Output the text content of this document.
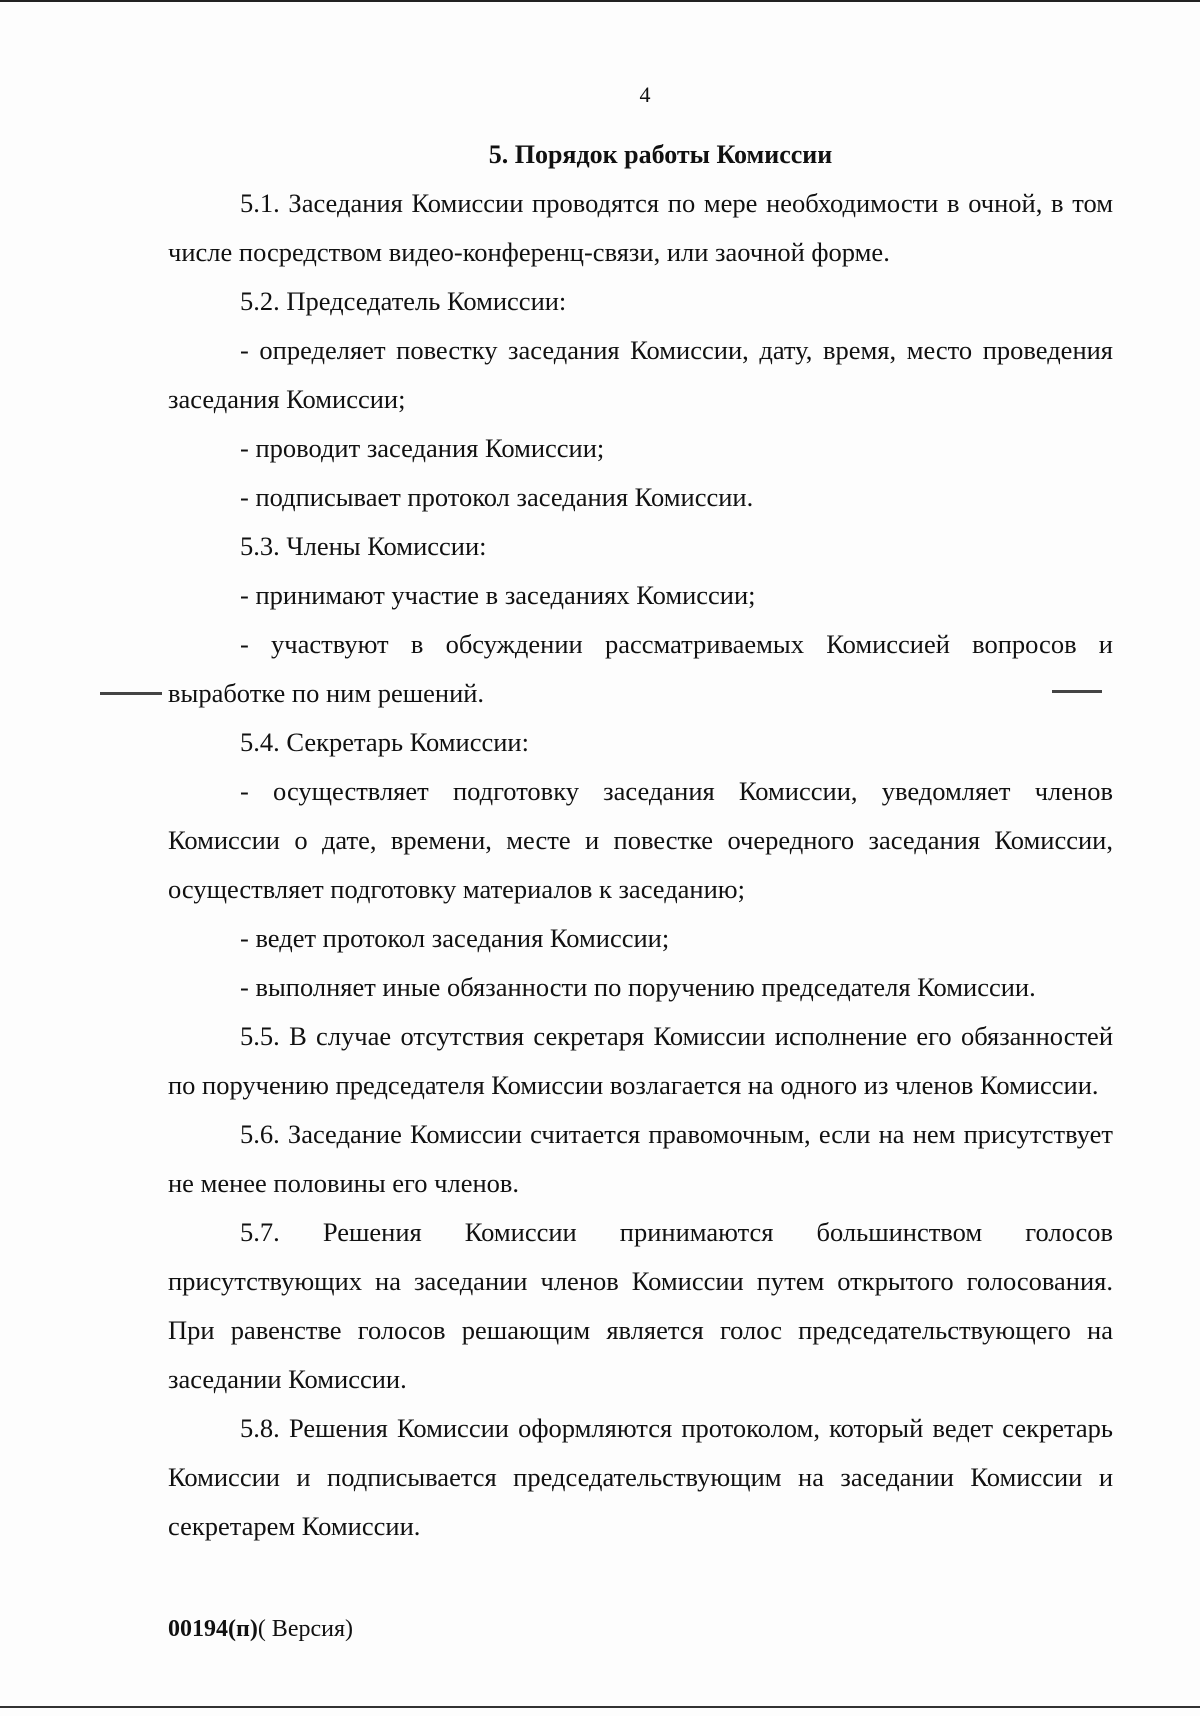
4

5. Порядок работы Комиссии

5.1. Заседания Комиссии проводятся по мере необходимости в очной, в том числе посредством видео-конференц-связи, или заочной форме.

5.2. Председатель Комиссии:

- определяет повестку заседания Комиссии, дату, время, место проведения заседания Комиссии;

- проводит заседания Комиссии;

- подписывает протокол заседания Комиссии.

5.3. Члены Комиссии:

- принимают участие в заседаниях Комиссии;

- участвуют в обсуждении рассматриваемых Комиссией вопросов и выработке по ним решений.

5.4. Секретарь Комиссии:

- осуществляет подготовку заседания Комиссии, уведомляет членов Комиссии о дате, времени, месте и повестке очередного заседания Комиссии, осуществляет подготовку материалов к заседанию;

- ведет протокол заседания Комиссии;

- выполняет иные обязанности по поручению председателя Комиссии.

5.5. В случае отсутствия секретаря Комиссии исполнение его обязанностей по поручению председателя Комиссии возлагается на одного из членов Комиссии.

5.6. Заседание Комиссии считается правомочным, если на нем присутствует не менее половины его членов.

5.7. Решения Комиссии принимаются большинством голосов присутствующих на заседании членов Комиссии путем открытого голосования. При равенстве голосов решающим является голос председательствующего на заседании Комиссии.

5.8. Решения Комиссии оформляются протоколом, который ведет секретарь Комиссии и подписывается председательствующим на заседании Комиссии и секретарем Комиссии.

00194(п)( Версия)
